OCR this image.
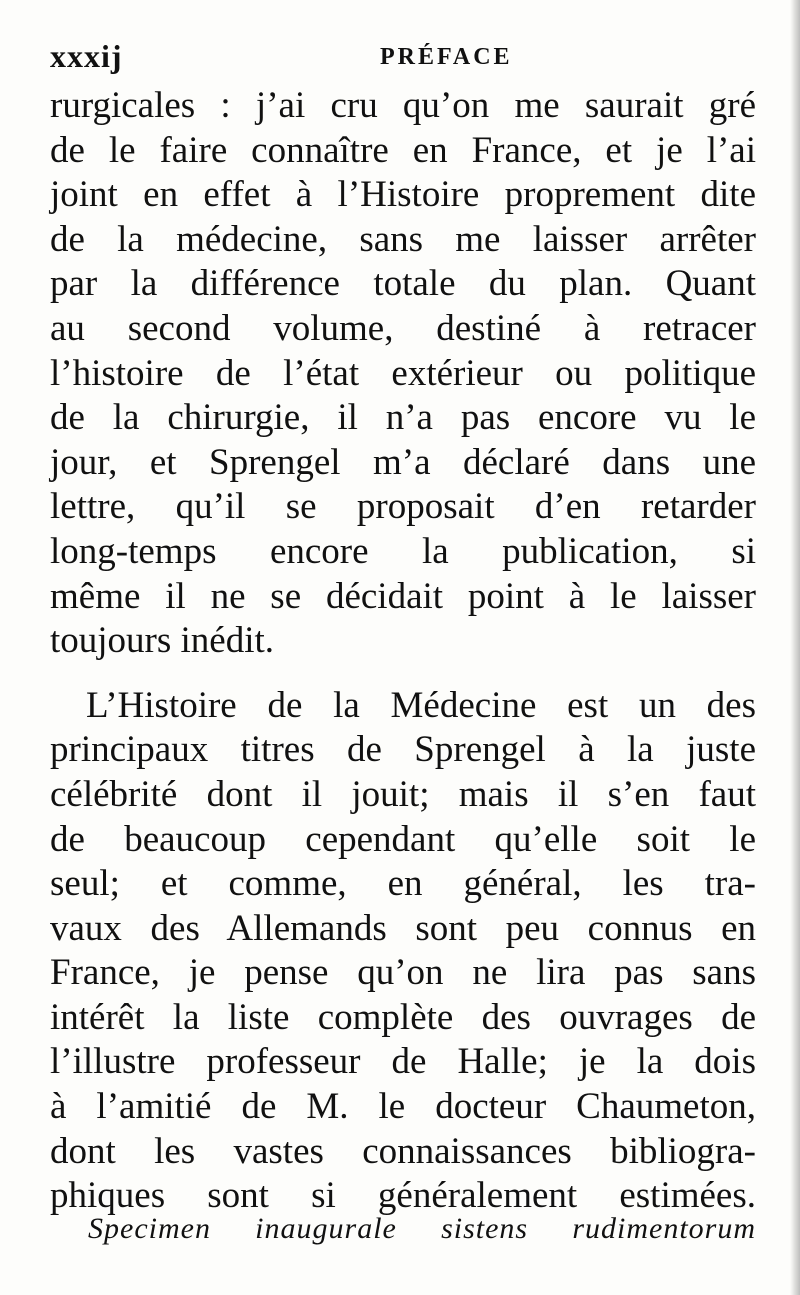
xxxij	PRÉFACE
rurgicales : j’ai cru qu’on me saurait gré
de le faire connaître en France, et je l’ai
joint en effet à l’Histoire proprement dite
de la médecine, sans me laisser arrêter
par la différence totale du plan. Quant
au second volume, destiné à retracer
l’histoire de l’état extérieur ou politique
de la chirurgie, il n’a pas encore vu le
jour, et Sprengel m’a déclaré dans une
lettre, qu’il se proposait d’en retarder
long-temps encore la publication, si
même il ne se décidait point à le laisser
toujours inédit.
L’Histoire de la Médecine est un des
principaux titres de Sprengel à la juste
célébrité dont il jouit; mais il s’en faut
de beaucoup cependant qu’elle soit le
seul; et comme, en général, les tra-
vaux des Allemands sont peu connus en
France, je pense qu’on ne lira pas sans
intérêt la liste complète des ouvrages de
l’illustre professeur de Halle; je la dois
à l’amitié de M. le docteur Chaumeton,
dont les vastes connaissances bibliogra-
phiques sont si généralement estimées.
Specimen inaugurale sistens rudimentorum
